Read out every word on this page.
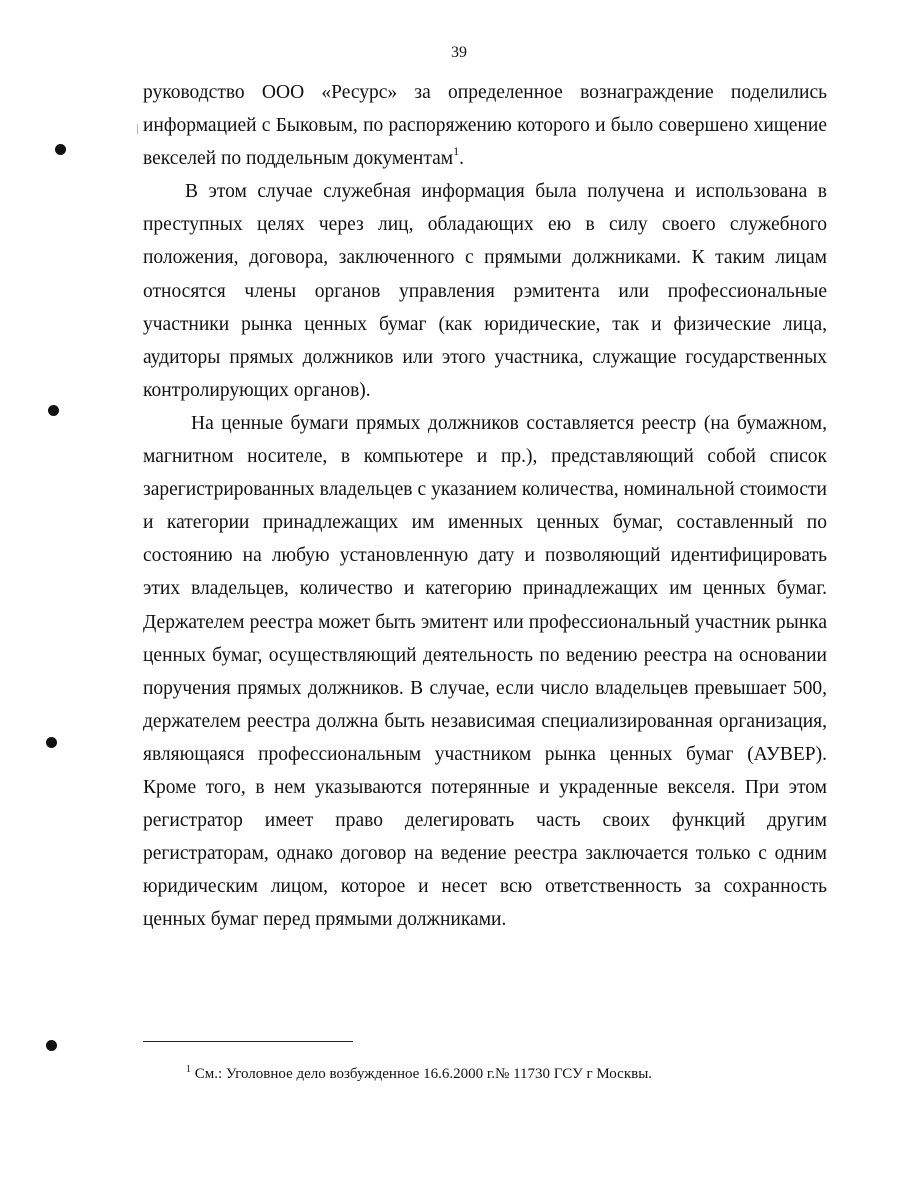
39

руководство ООО «Ресурс» за определенное вознаграждение поделились информацией с Быковым, по распоряжению которого и было совершено хищение векселей по поддельным документам$^1$.

В этом случае служебная информация была получена и использована в преступных целях через лиц, обладающих ею в силу своего служебного положения, договора, заключенного с прямыми должниками. К таким лицам относятся члены органов управления рэмитента или профессиональные участники рынка ценных бумаг (как юридические, так и физические лица, аудиторы прямых должников или этого участника, служащие государственных контролирующих органов).

На ценные бумаги прямых должников составляется реестр (на бумажном, магнитном носителе, в компьютере и пр.), представляющий собой список зарегистрированных владельцев с указанием количества, номинальной стоимости и категории принадлежащих им именных ценных бумаг, составленный по состоянию на любую установленную дату и позволяющий идентифицировать этих владельцев, количество и категорию принадлежащих им ценных бумаг. Держателем реестра может быть эмитент или профессиональный участник рынка ценных бумаг, осуществляющий деятельность по ведению реестра на основании поручения прямых должников. В случае, если число владельцев превышает 500, держателем реестра должна быть независимая специализированная организация, являющаяся профессиональным участником рынка ценных бумаг (АУВЕР). Кроме того, в нем указываются потерянные и украденные векселя. При этом регистратор имеет право делегировать часть своих функций другим регистраторам, однако договор на ведение реестра заключается только с одним юридическим лицом, которое и несет всю ответственность за сохранность ценных бумаг перед прямыми должниками.

$^1$ См.: Уголовное дело возбужденное 16.6.2000 г.№ 11730 ГСУ г Москвы.
